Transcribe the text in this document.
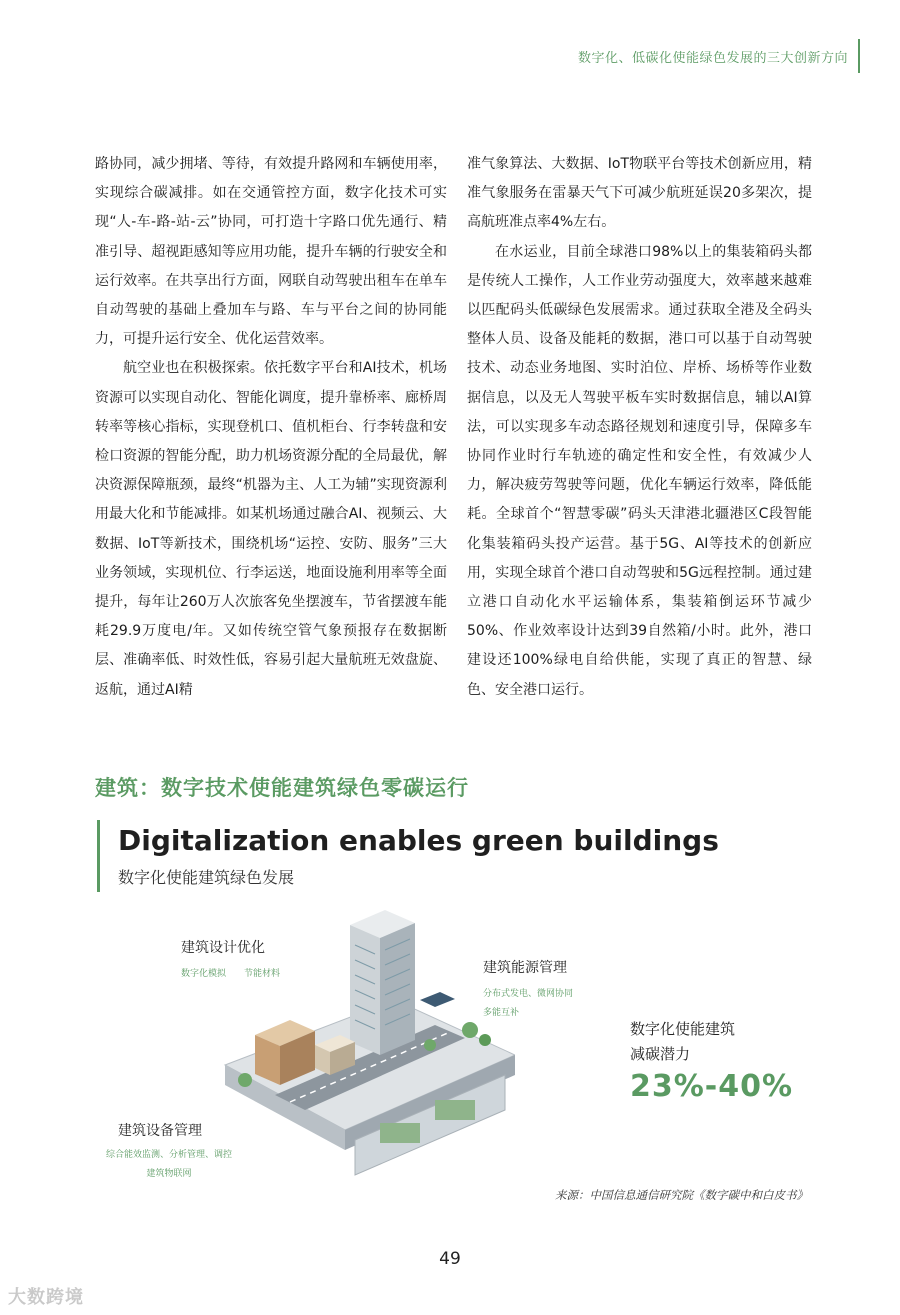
数字化、低碳化使能绿色发展的三大创新方向

路协同，减少拥堵、等待，有效提升路网和车辆使用率，实现综合碳减排。如在交通管控方面，数字化技术可实现“人-车-路-站-云”协同，可打造十字路口优先通行、精准引导、超视距感知等应用功能，提升车辆的行驶安全和运行效率。在共享出行方面，网联自动驾驶出租车在单车自动驾驶的基础上叠加车与路、车与平台之间的协同能力，可提升运行安全、优化运营效率。

航空业也在积极探索。依托数字平台和AI技术，机场资源可以实现自动化、智能化调度，提升靠桥率、廊桥周转率等核心指标，实现登机口、值机柜台、行李转盘和安检口资源的智能分配，助力机场资源分配的全局最优，解决资源保障瓶颈，最终“机器为主、人工为辅”实现资源利用最大化和节能减排。如某机场通过融合AI、视频云、大数据、IoT等新技术，围绕机场“运控、安防、服务”三大业务领域，实现机位、行李运送，地面设施利用率等全面提升，每年让260万人次旅客免坐摆渡车，节省摆渡车能耗29.9万度电/年。又如传统空管气象预报存在数据断层、准确率低、时效性低，容易引起大量航班无效盘旋、返航，通过AI精

准气象算法、大数据、IoT物联平台等技术创新应用，精准气象服务在雷暴天气下可减少航班延误20多架次，提高航班准点率4%左右。

在水运业，目前全球港口98%以上的集装箱码头都是传统人工操作，人工作业劳动强度大，效率越来越难以匹配码头低碳绿色发展需求。通过获取全港及全码头整体人员、设备及能耗的数据，港口可以基于自动驾驶技术、动态业务地图、实时泊位、岸桥、场桥等作业数据信息，以及无人驾驶平板车实时数据信息，辅以AI算法，可以实现多车动态路径规划和速度引导，保障多车协同作业时行车轨迹的确定性和安全性，有效减少人力，解决疲劳驾驶等问题，优化车辆运行效率，降低能耗。全球首个“智慧零碳”码头天津港北疆港区C段智能化集装箱码头投产运营。基于5G、AI等技术的创新应用，实现全球首个港口自动驾驶和5G远程控制。通过建立港口自动化水平运输体系，集装箱倒运环节减少50%、作业效率设计达到39自然箱/小时。此外，港口建设还100%绿电自给供能，实现了真正的智慧、绿色、安全港口运行。

建筑：数字技术使能建筑绿色零碳运行
Digitalization enables green buildings
数字化使能建筑绿色发展
建筑设计优化
数字化模拟　　节能材料	建筑能源管理
分布式发电、微网协同
多能互补
建筑设备管理
综合能效监测、分析管理、调控
建筑物联网
数字化使能建筑
减碳潜力
23%-40%
来源：中国信息通信研究院《数字碳中和白皮书》
49
大数跨境
